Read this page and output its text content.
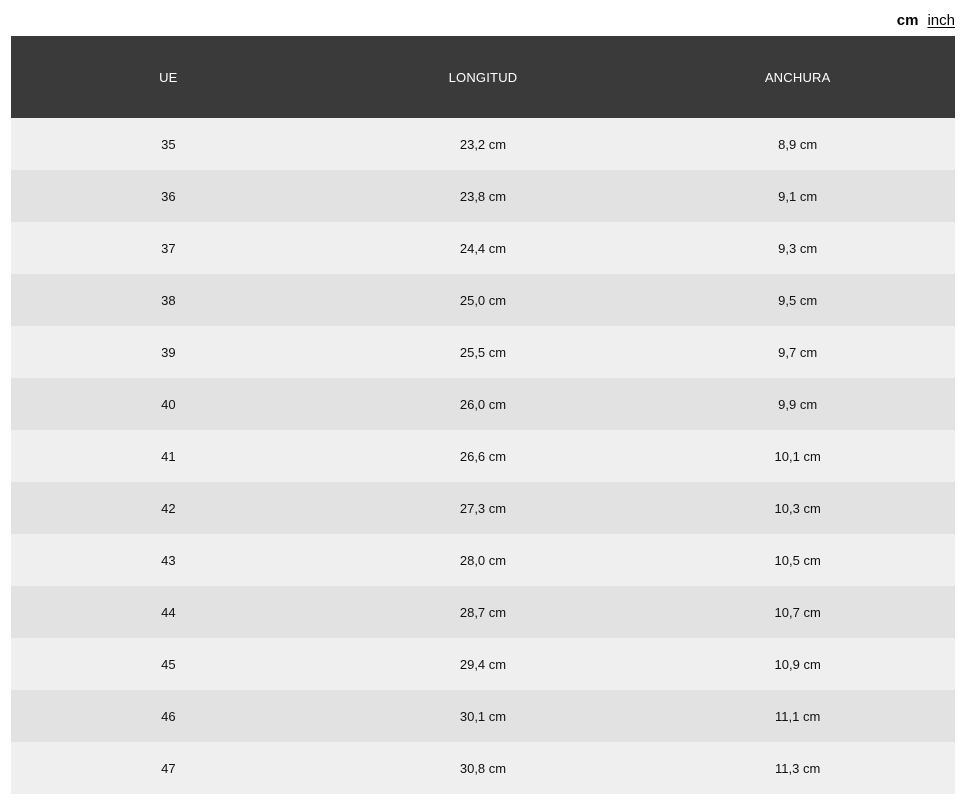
cm inch
UE	LONGITUD	ANCHURA
35	23,2 cm	8,9 cm
36	23,8 cm	9,1 cm
37	24,4 cm	9,3 cm
38	25,0 cm	9,5 cm
39	25,5 cm	9,7 cm
40	26,0 cm	9,9 cm
41	26,6 cm	10,1 cm
42	27,3 cm	10,3 cm
43	28,0 cm	10,5 cm
44	28,7 cm	10,7 cm
45	29,4 cm	10,9 cm
46	30,1 cm	11,1 cm
47	30,8 cm	11,3 cm
